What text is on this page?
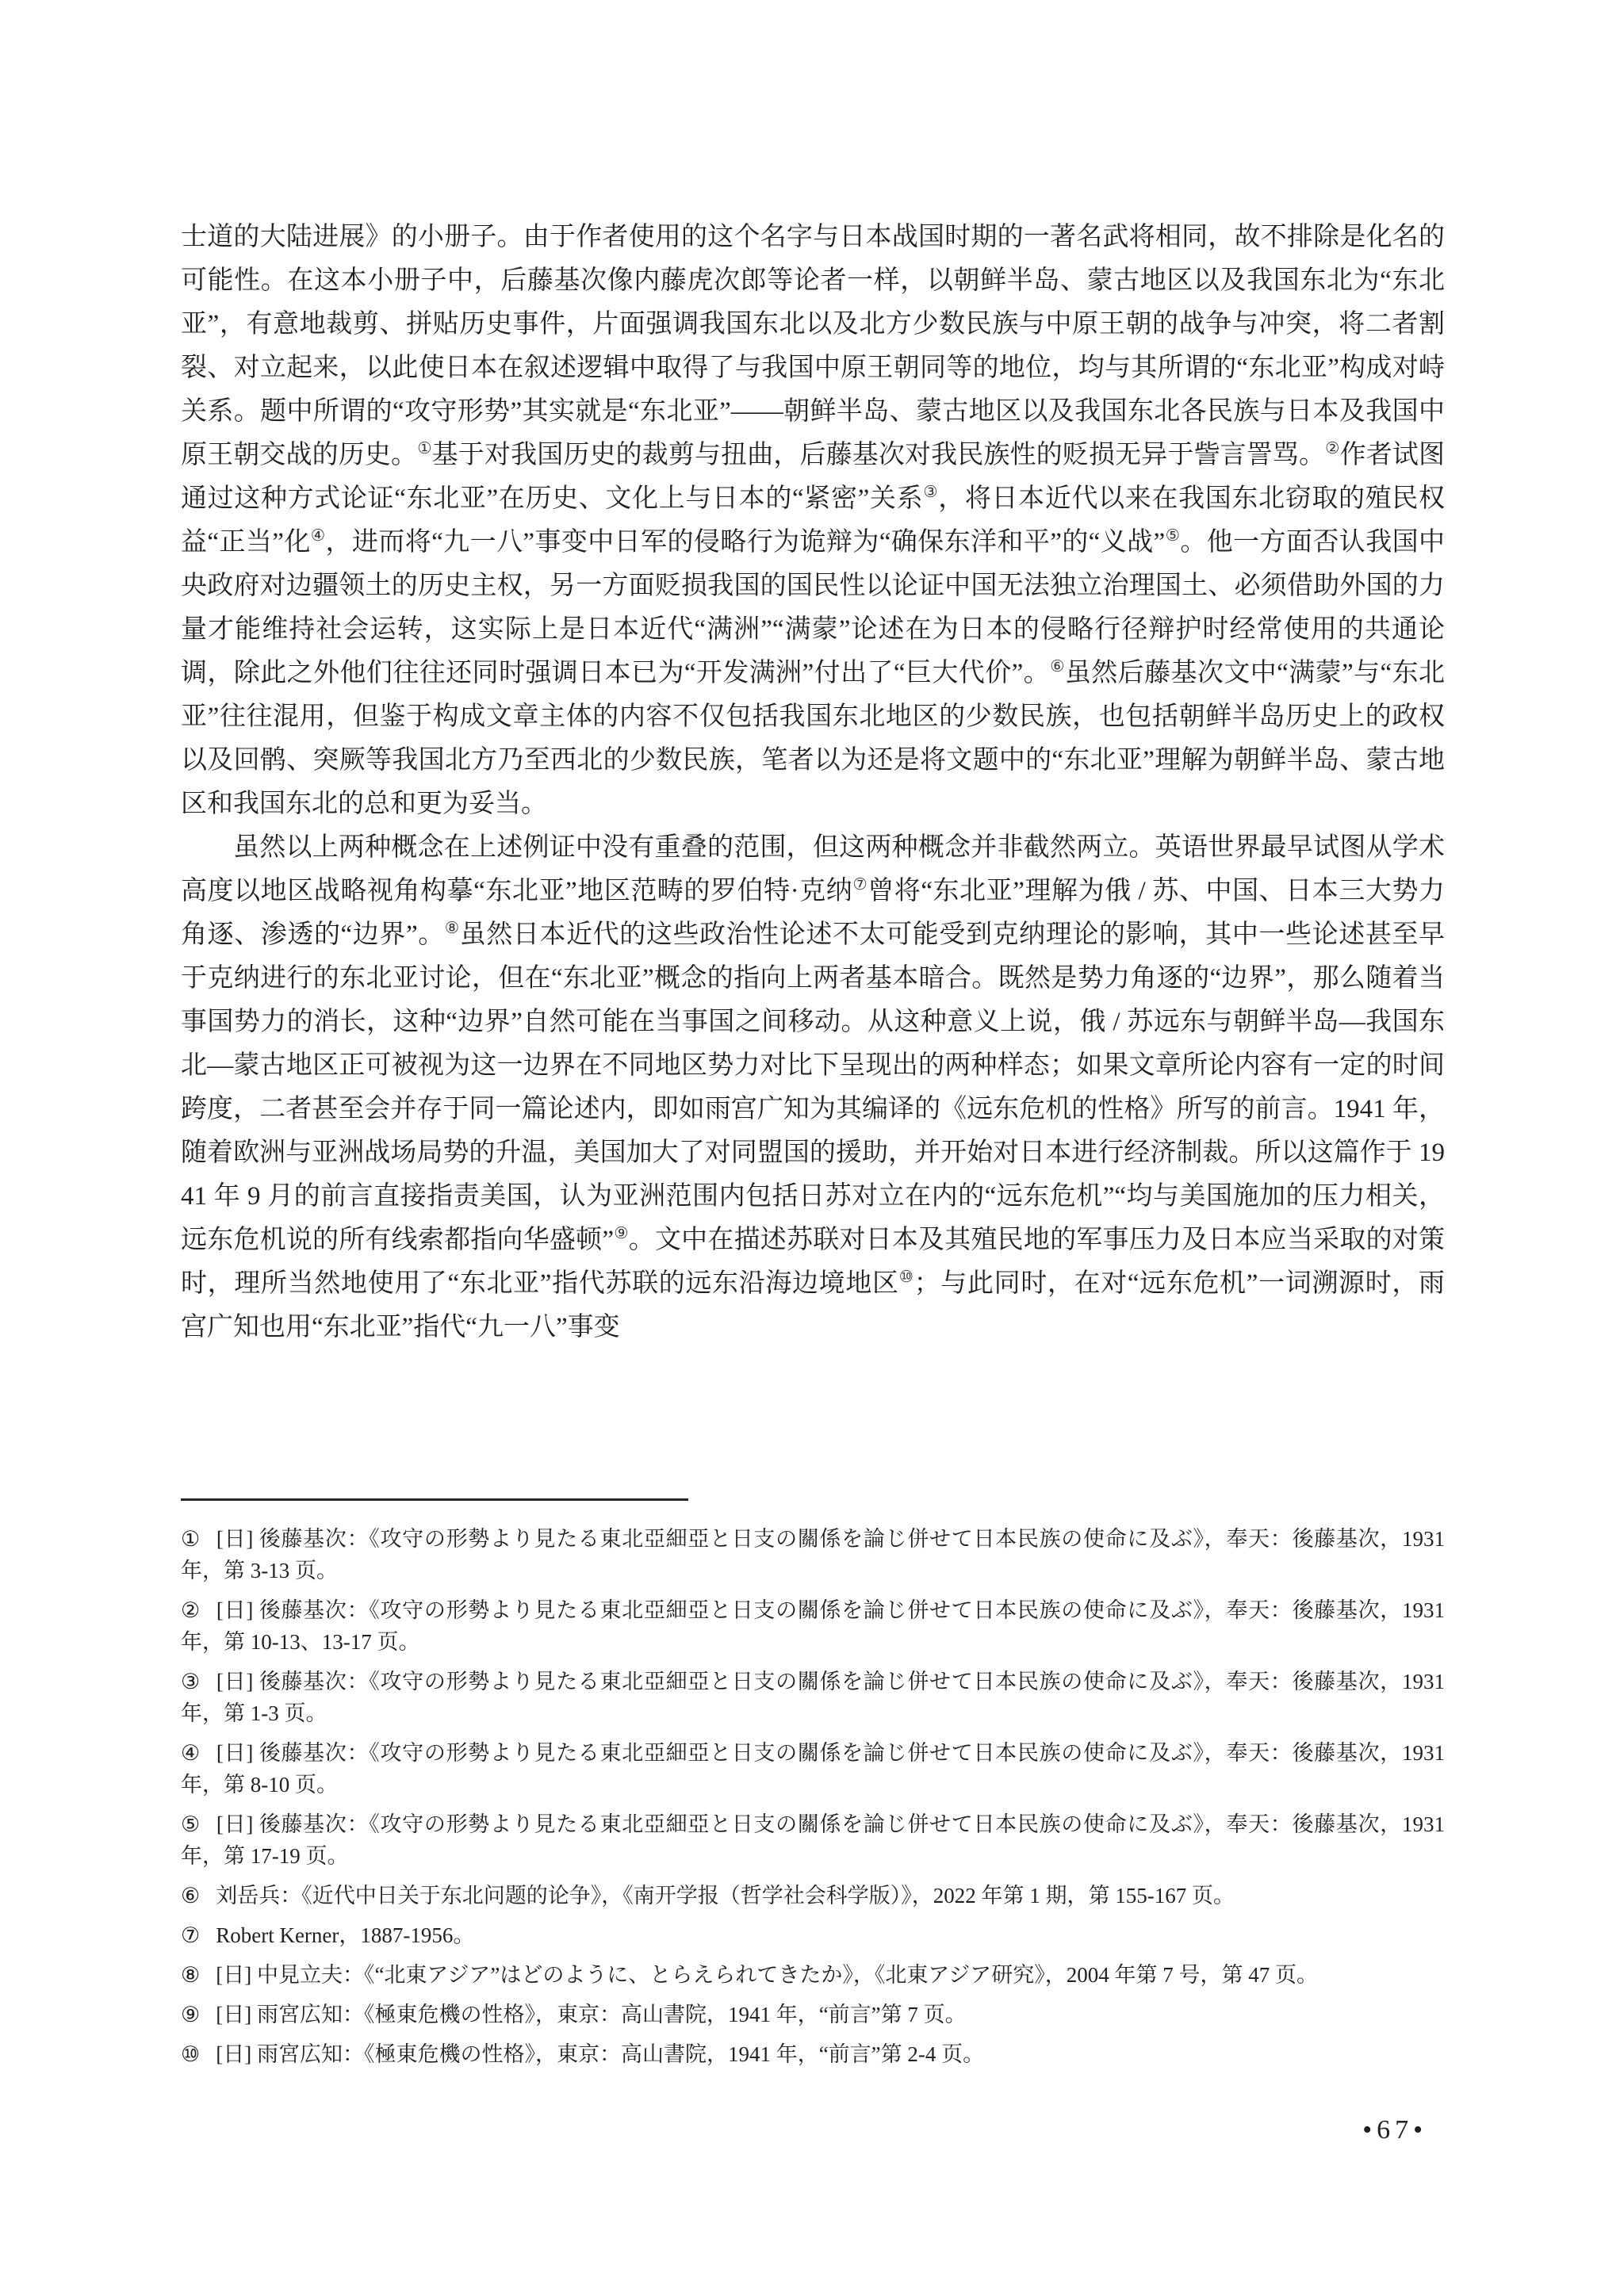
士道的大陆进展》的小册子。由于作者使用的这个名字与日本战国时期的一著名武将相同，故不排除是化名的可能性。在这本小册子中，后藤基次像内藤虎次郎等论者一样，以朝鲜半岛、蒙古地区以及我国东北为“东北亚”，有意地裁剪、拼贴历史事件，片面强调我国东北以及北方少数民族与中原王朝的战争与冲突，将二者割裂、对立起来，以此使日本在叙述逻辑中取得了与我国中原王朝同等的地位，均与其所谓的“东北亚”构成对峙关系。题中所谓的“攻守形势”其实就是“东北亚”——朝鲜半岛、蒙古地区以及我国东北各民族与日本及我国中原王朝交战的历史。①基于对我国历史的裁剪与扭曲，后藤基次对我民族性的贬损无异于訾言詈骂。②作者试图通过这种方式论证“东北亚”在历史、文化上与日本的“紧密”关系③，将日本近代以来在我国东北窃取的殖民权益“正当”化④，进而将“九一八”事变中日军的侵略行为诡辩为“确保东洋和平”的“义战”⑤。他一方面否认我国中央政府对边疆领土的历史主权，另一方面贬损我国的国民性以论证中国无法独立治理国土、必须借助外国的力量才能维持社会运转，这实际上是日本近代“满洲”“满蒙”论述在为日本的侵略行径辩护时经常使用的共通论调，除此之外他们往往还同时强调日本已为“开发满洲”付出了“巨大代价”。⑥虽然后藤基次文中“满蒙”与“东北亚”往往混用，但鉴于构成文章主体的内容不仅包括我国东北地区的少数民族，也包括朝鲜半岛历史上的政权以及回鹘、突厥等我国北方乃至西北的少数民族，笔者以为还是将文题中的“东北亚”理解为朝鲜半岛、蒙古地区和我国东北的总和更为妥当。

虽然以上两种概念在上述例证中没有重叠的范围，但这两种概念并非截然两立。英语世界最早试图从学术高度以地区战略视角构摹“东北亚”地区范畴的罗伯特·克纳⑦曾将“东北亚”理解为俄 / 苏、中国、日本三大势力角逐、渗透的“边界”。⑧虽然日本近代的这些政治性论述不太可能受到克纳理论的影响，其中一些论述甚至早于克纳进行的东北亚讨论，但在“东北亚”概念的指向上两者基本暗合。既然是势力角逐的“边界”，那么随着当事国势力的消长，这种“边界”自然可能在当事国之间移动。从这种意义上说，俄 / 苏远东与朝鲜半岛—我国东北—蒙古地区正可被视为这一边界在不同地区势力对比下呈现出的两种样态；如果文章所论内容有一定的时间跨度，二者甚至会并存于同一篇论述内，即如雨宫广知为其编译的《远东危机的性格》所写的前言。1941 年，随着欧洲与亚洲战场局势的升温，美国加大了对同盟国的援助，并开始对日本进行经济制裁。所以这篇作于 1941 年 9 月的前言直接指责美国，认为亚洲范围内包括日苏对立在内的“远东危机”“均与美国施加的压力相关，远东危机说的所有线索都指向华盛顿”⑨。文中在描述苏联对日本及其殖民地的军事压力及日本应当采取的对策时，理所当然地使用了“东北亚”指代苏联的远东沿海边境地区⑩；与此同时，在对“远东危机”一词溯源时，雨宫广知也用“东北亚”指代“九一八”事变

① [日] 後藤基次：《攻守の形勢より見たる東北亞細亞と日支の關係を論じ併せて日本民族の使命に及ぶ》，奉天：後藤基次，1931 年，第 3-13 页。
② [日] 後藤基次：《攻守の形勢より見たる東北亞細亞と日支の關係を論じ併せて日本民族の使命に及ぶ》，奉天：後藤基次，1931 年，第 10-13、13-17 页。
③ [日] 後藤基次：《攻守の形勢より見たる東北亞細亞と日支の關係を論じ併せて日本民族の使命に及ぶ》，奉天：後藤基次，1931 年，第 1-3 页。
④ [日] 後藤基次：《攻守の形勢より見たる東北亞細亞と日支の關係を論じ併せて日本民族の使命に及ぶ》，奉天：後藤基次，1931 年，第 8-10 页。
⑤ [日] 後藤基次：《攻守の形勢より見たる東北亞細亞と日支の關係を論じ併せて日本民族の使命に及ぶ》，奉天：後藤基次，1931 年，第 17-19 页。
⑥ 刘岳兵：《近代中日关于东北问题的论争》，《南开学报（哲学社会科学版）》，2022 年第 1 期，第 155-167 页。
⑦ Robert Kerner，1887-1956。
⑧ [日] 中見立夫：《“北東アジア”はどのように、とらえられてきたか》，《北東アジア研究》，2004 年第 7 号，第 47 页。
⑨ [日] 雨宮広知：《極東危機の性格》，東京：高山書院，1941 年，“前言”第 7 页。
⑩ [日] 雨宮広知：《極東危機の性格》，東京：高山書院，1941 年，“前言”第 2-4 页。
•67•
